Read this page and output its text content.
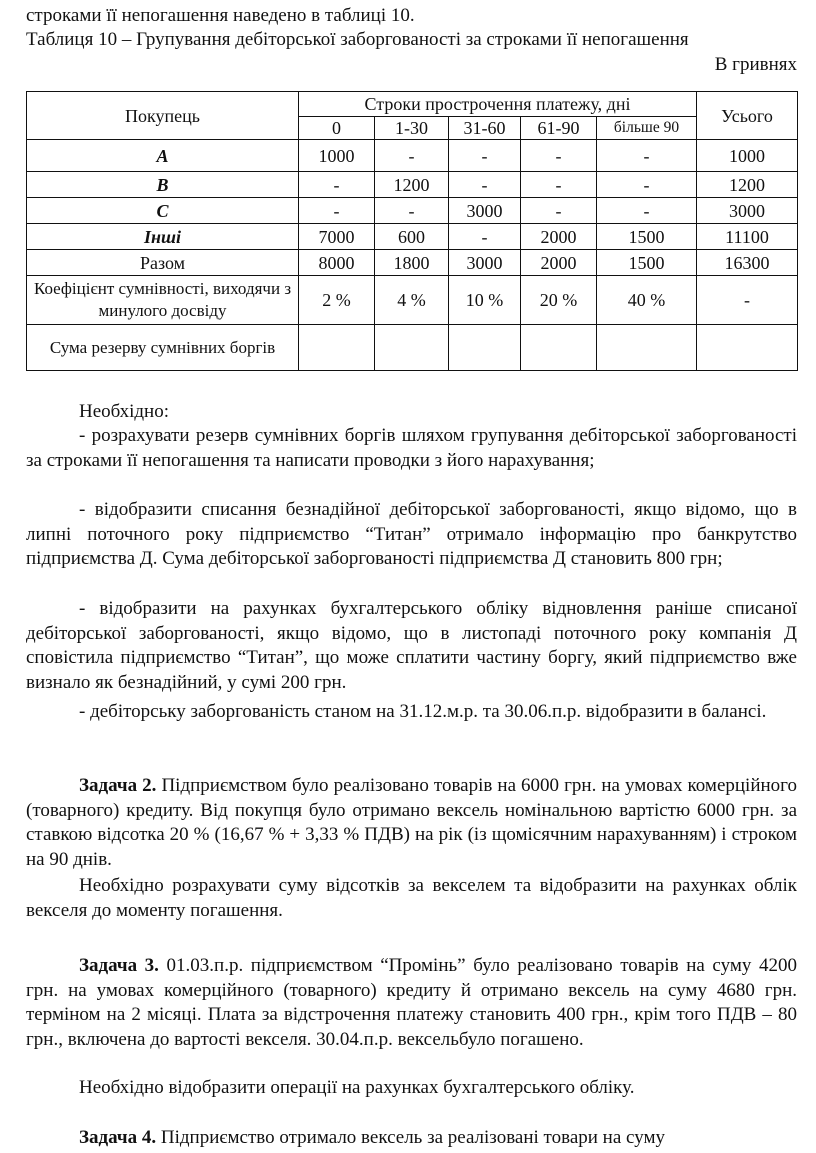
строками її непогашення наведено в таблиці 10.

Таблиця 10 – Групування дебіторської заборгованості за строками її непогашення

В гривнях

Покупець	Строки прострочення платежу, дні					Усього
	0	1-30	31-60	61-90	більше 90	
A	1000	-	-	-	-	1000
B	-	1200	-	-	-	1200
C	-	-	3000	-	-	3000
Інші	7000	600	-	2000	1500	11100
Разом	8000	1800	3000	2000	1500	16300
Коефіцієнт сумнівності, виходячи з минулого досвіду	2 %	4 %	10 %	20 %	40 %	-
Сума резерву сумнівних боргів						

Необхідно:

- розрахувати резерв сумнівних боргів шляхом групування дебіторської заборгованості за строками її непогашення та написати проводки з його нарахування;

- відобразити списання безнадійної дебіторської заборгованості, якщо відомо, що в липні поточного року підприємство “Титан” отримало інформацію про банкрутство підприємства Д. Сума дебіторської заборгованості підприємства Д становить 800 грн;

- відобразити на рахунках бухгалтерського обліку відновлення раніше списаної дебіторської заборгованості, якщо відомо, що в листопаді поточного року компанія Д сповістила підприємство “Титан”, що може сплатити частину боргу, який підприємство вже визнало як безнадійний, у сумі 200 грн.

- дебіторську заборгованість станом на 31.12.м.р. та 30.06.п.р. відобразити в балансі.

Задача 2. Підприємством було реалізовано товарів на 6000 грн. на умовах комерційного (товарного) кредиту. Від покупця було отримано вексель номінальною вартістю 6000 грн. за ставкою відсотка 20 % (16,67 % + 3,33 % ПДВ) на рік (із щомісячним нарахуванням) і строком на 90 днів.

Необхідно розрахувати суму відсотків за векселем та відобразити на рахунках облік векселя до моменту погашення.

Задача 3. 01.03.п.р. підприємством “Промінь” було реалізовано товарів на суму 4200 грн. на умовах комерційного (товарного) кредиту й отримано вексель на суму 4680 грн. терміном на 2 місяці. Плата за відстрочення платежу становить 400 грн., крім того ПДВ – 80 грн., включена до вартості векселя. 30.04.п.р. вексельбуло погашено.

Необхідно відобразити операції на рахунках бухгалтерського обліку.

Задача 4. Підприємство отримало вексель за реалізовані товари на суму
